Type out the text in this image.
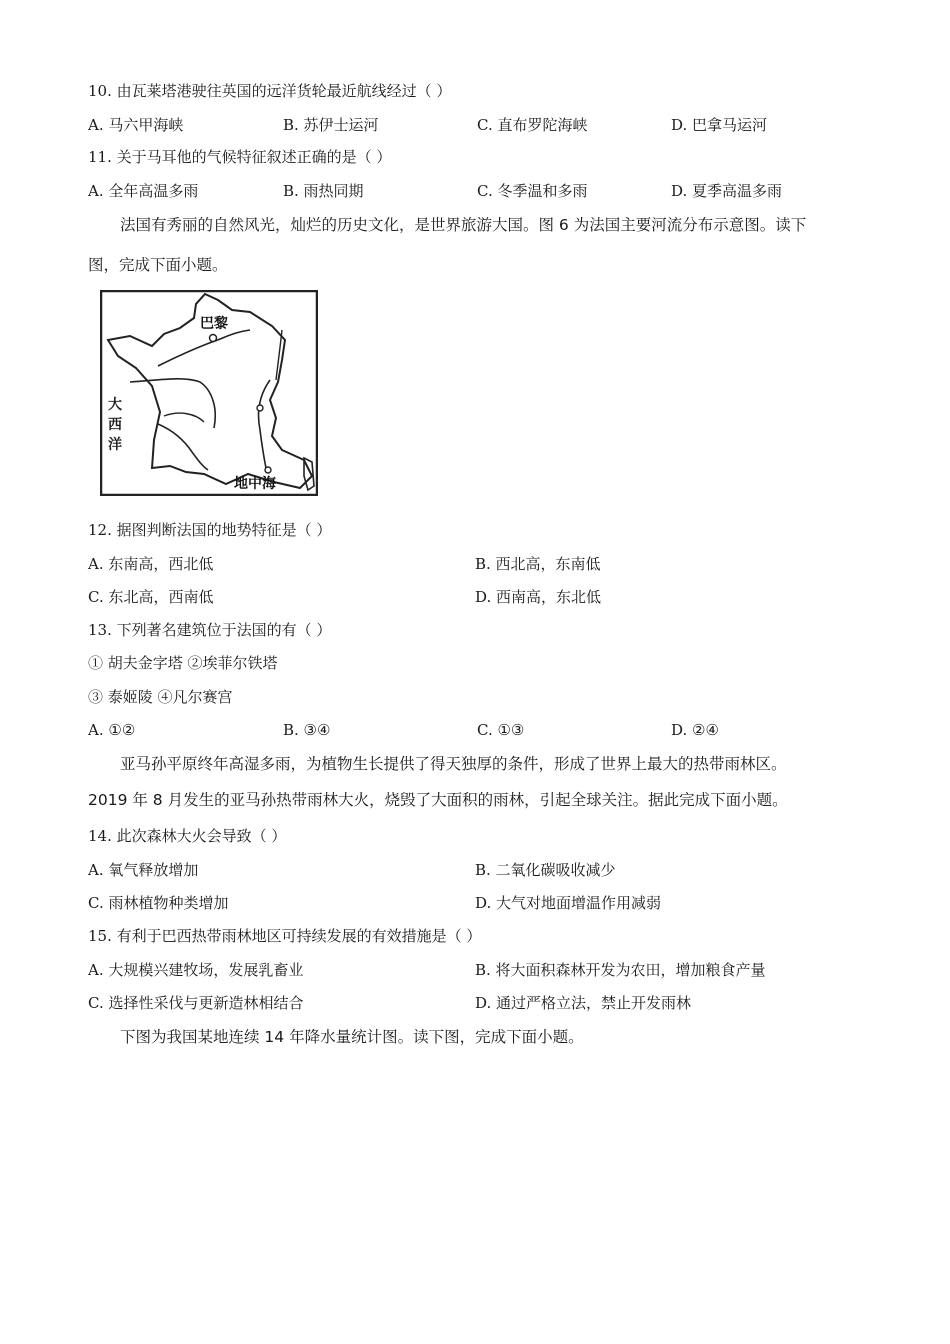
10. 由瓦莱塔港驶往英国的远洋货轮最近航线经过（ ）
A. 马六甲海峡	B. 苏伊士运河	C. 直布罗陀海峡	D. 巴拿马运河
11. 关于马耳他的气候特征叙述正确的是（ ）
A. 全年高温多雨	B. 雨热同期	C. 冬季温和多雨	D. 夏季高温多雨
法国有秀丽的自然风光，灿烂的历史文化，是世界旅游大国。图 6 为法国主要河流分布示意图。读下
图，完成下面小题。
巴黎
地中海
大西洋
12. 据图判断法国的地势特征是（ ）
A. 东南高，西北低	B. 西北高，东南低
C. 东北高，西南低	D. 西南高，东北低
13. 下列著名建筑位于法国的有（ ）
① 胡夫金字塔 ②埃菲尔铁塔
③ 泰姬陵 ④凡尔赛宫
A. ①②	B. ③④	C. ①③	D. ②④
亚马孙平原终年高湿多雨，为植物生长提供了得天独厚的条件，形成了世界上最大的热带雨林区。
2019 年 8 月发生的亚马孙热带雨林大火，烧毁了大面积的雨林，引起全球关注。据此完成下面小题。
14. 此次森林大火会导致（ ）
A. 氧气释放增加	B. 二氧化碳吸收减少
C. 雨林植物种类增加	D. 大气对地面增温作用减弱
15. 有利于巴西热带雨林地区可持续发展的有效措施是（ ）
A. 大规模兴建牧场，发展乳畜业	B. 将大面积森林开发为农田，增加粮食产量
C. 选择性采伐与更新造林相结合	D. 通过严格立法，禁止开发雨林
下图为我国某地连续 14 年降水量统计图。读下图，完成下面小题。
